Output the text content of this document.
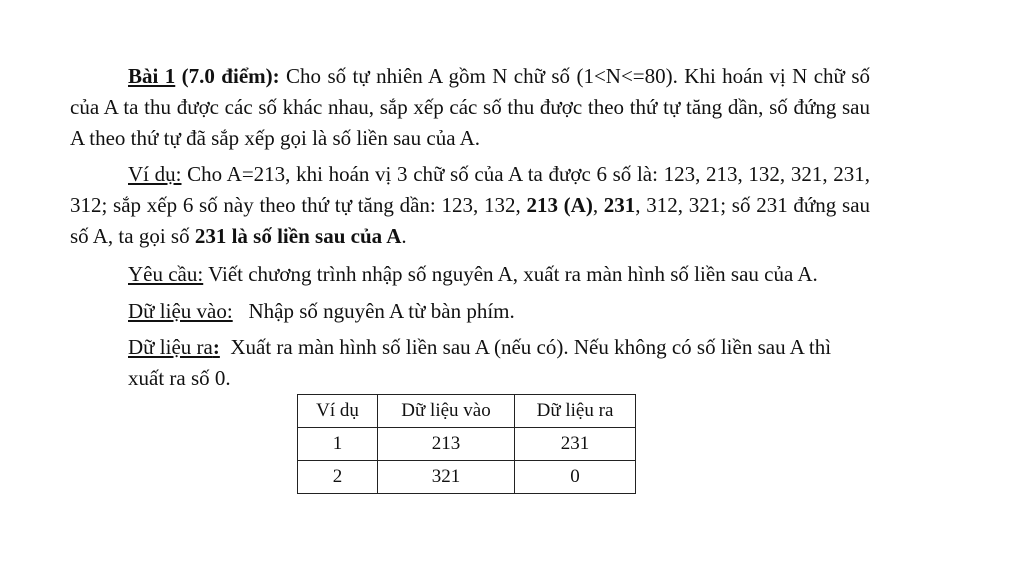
Bài 1 (7.0 điểm): Cho số tự nhiên A gồm N chữ số (1<N<=80). Khi hoán vị N chữ số của A ta thu được các số khác nhau, sắp xếp các số thu được theo thứ tự tăng dần, số đứng sau A theo thứ tự đã sắp xếp gọi là số liền sau của A.

Ví dụ: Cho A=213, khi hoán vị 3 chữ số của A ta được 6 số là: 123, 213, 132, 321, 231, 312; sắp xếp 6 số này theo thứ tự tăng dần: 123, 132, 213 (A), 231, 312, 321; số 231 đứng sau số A, ta gọi số 231 là số liền sau của A.

Yêu cầu: Viết chương trình nhập số nguyên A, xuất ra màn hình số liền sau của A.

Dữ liệu vào:   Nhập số nguyên A từ bàn phím.

Dữ liệu ra:  Xuất ra màn hình số liền sau A (nếu có). Nếu không có số liền sau A thì xuất ra số 0.

Ví dụ	Dữ liệu vào	Dữ liệu ra
1	213	231
2	321	0
